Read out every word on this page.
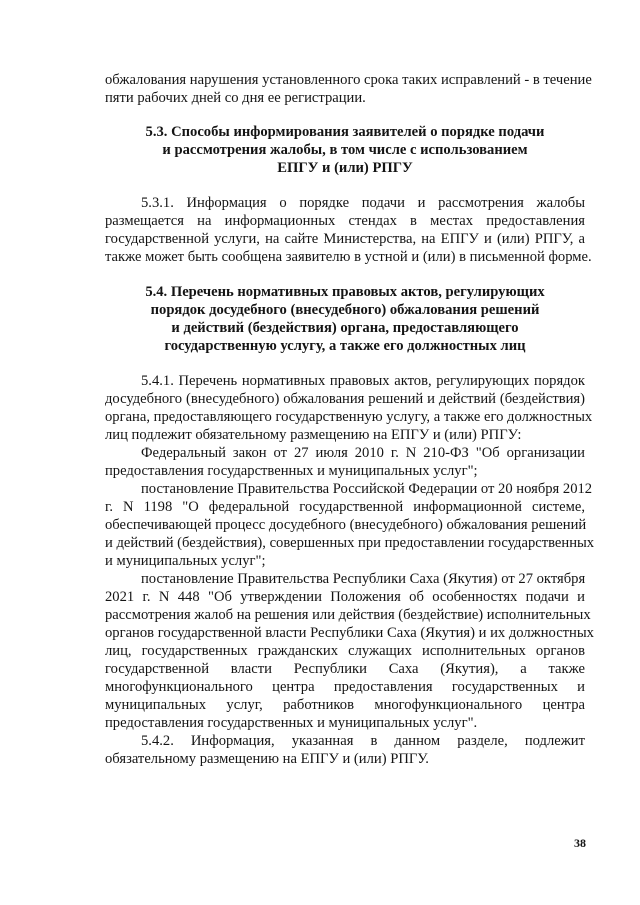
обжалования нарушения установленного срока таких исправлений - в течение
пяти рабочих дней со дня ее регистрации.
5.3. Способы информирования заявителей о порядке подачи
и рассмотрения жалобы, в том числе с использованием
ЕПГУ и (или) РПГУ
5.3.1. Информация о порядке подачи и рассмотрения жалобы
размещается на информационных стендах в местах предоставления
государственной услуги, на сайте Министерства, на ЕПГУ и (или) РПГУ, а
также может быть сообщена заявителю в устной и (или) в письменной форме.
5.4. Перечень нормативных правовых актов, регулирующих
порядок досудебного (внесудебного) обжалования решений
и действий (бездействия) органа, предоставляющего
государственную услугу, а также его должностных лиц
5.4.1. Перечень нормативных правовых актов, регулирующих порядок
досудебного (внесудебного) обжалования решений и действий (бездействия)
органа, предоставляющего государственную услугу, а также его должностных
лиц подлежит обязательному размещению на ЕПГУ и (или) РПГУ:
Федеральный закон от 27 июля 2010 г. N 210-ФЗ "Об организации
предоставления государственных и муниципальных услуг";
постановление Правительства Российской Федерации от 20 ноября 2012
г. N 1198 "О федеральной государственной информационной системе,
обеспечивающей процесс досудебного (внесудебного) обжалования решений
и действий (бездействия), совершенных при предоставлении государственных
и муниципальных услуг";
постановление Правительства Республики Саха (Якутия) от 27 октября
2021 г. N 448 "Об утверждении Положения об особенностях подачи и
рассмотрения жалоб на решения или действия (бездействие) исполнительных
органов государственной власти Республики Саха (Якутия) и их должностных
лиц, государственных гражданских служащих исполнительных органов
государственной власти Республики Саха (Якутия), а также
многофункционального центра предоставления государственных и
муниципальных услуг, работников многофункционального центра
предоставления государственных и муниципальных услуг".
5.4.2. Информация, указанная в данном разделе, подлежит
обязательному размещению на ЕПГУ и (или) РПГУ.
38
